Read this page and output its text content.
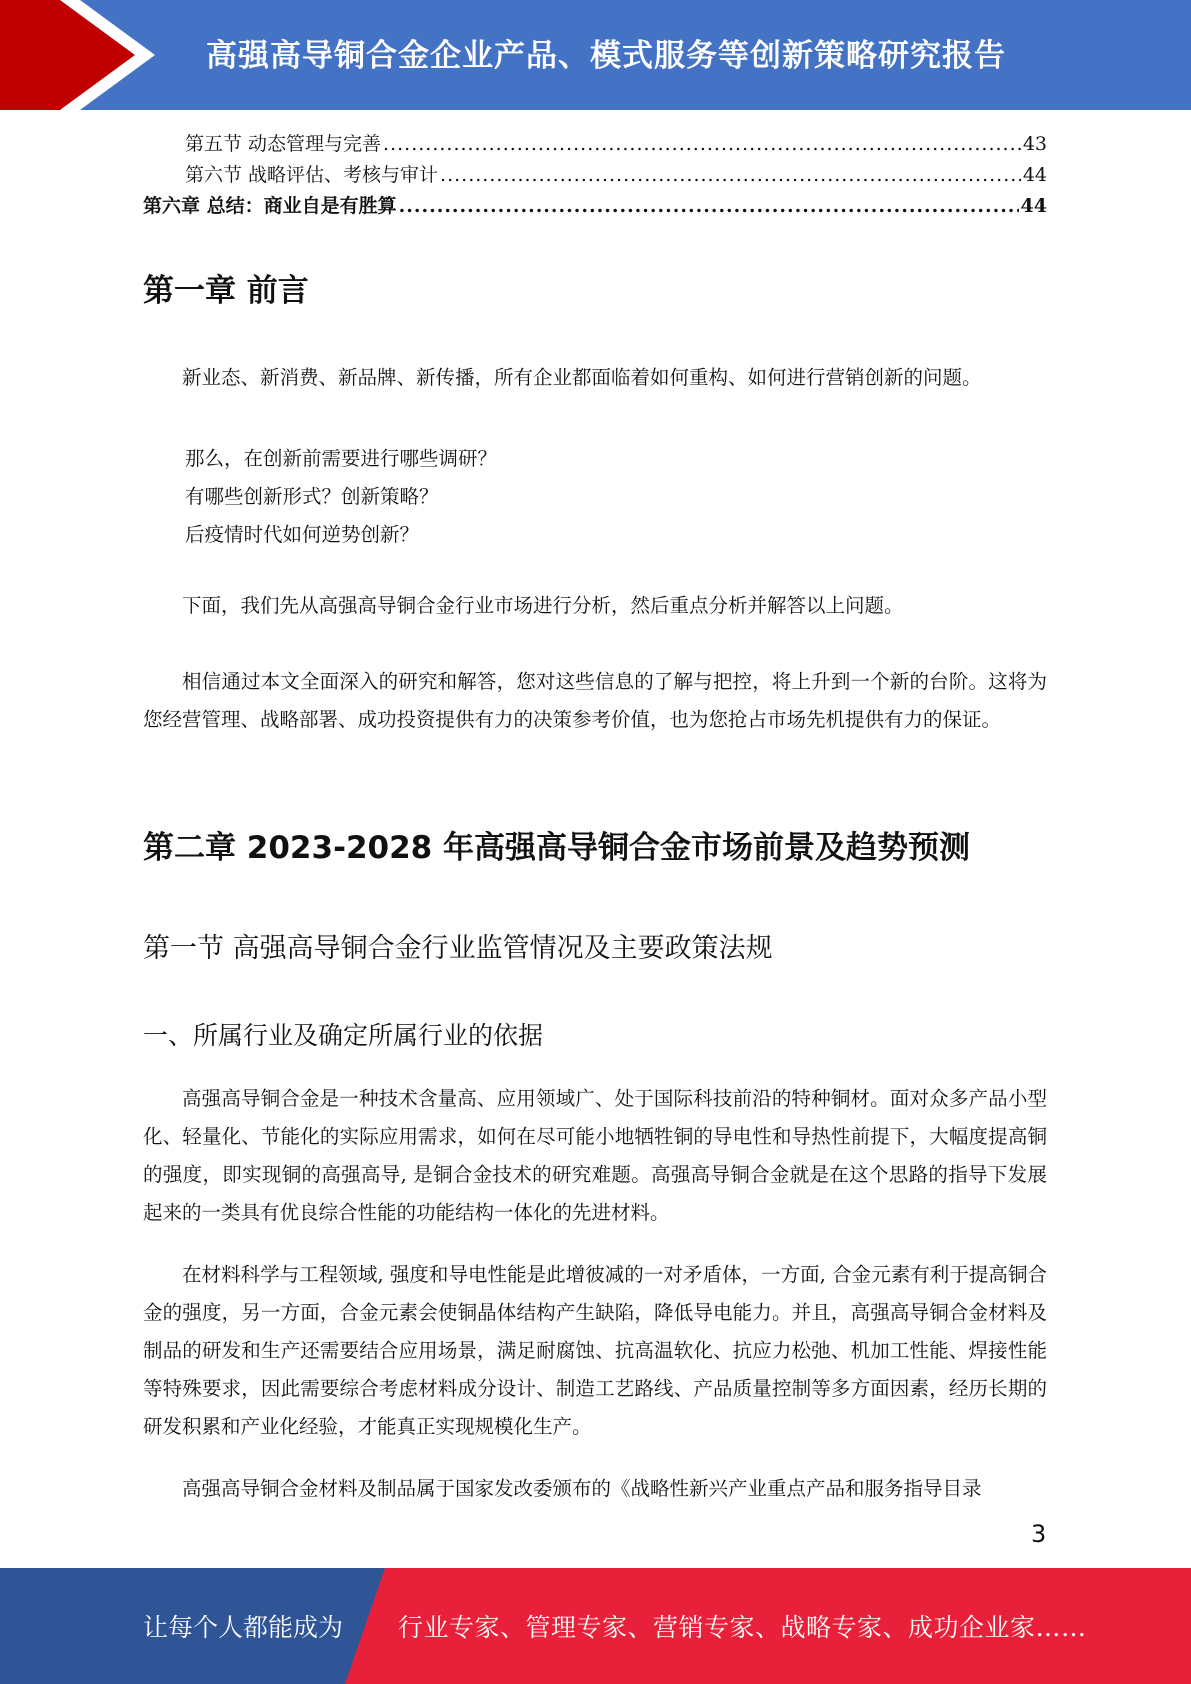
高强高导铜合金企业产品、模式服务等创新策略研究报告
第五节 动态管理与完善 .....	43
第六节 战略评估、考核与审计 .....	44
第六章 总结：商业自是有胜算 .....	44
第一章 前言

新业态、新消费、新品牌、新传播，所有企业都面临着如何重构、如何进行营销创新的问题。

那么，在创新前需要进行哪些调研？

有哪些创新形式？创新策略？

后疫情时代如何逆势创新？

下面，我们先从高强高导铜合金行业市场进行分析，然后重点分析并解答以上问题。

相信通过本文全面深入的研究和解答，您对这些信息的了解与把控，将上升到一个新的台阶。这将为您经营管理、战略部署、成功投资提供有力的决策参考价值，也为您抢占市场先机提供有力的保证。

第二章 2023-2028 年高强高导铜合金市场前景及趋势预测
第一节 高强高导铜合金行业监管情况及主要政策法规
一、所属行业及确定所属行业的依据

高强高导铜合金是一种技术含量高、应用领域广、处于国际科技前沿的特种铜材。面对众多产品小型化、轻量化、节能化的实际应用需求，如何在尽可能小地牺牲铜的导电性和导热性前提下，大幅度提高铜的强度，即实现铜的高强高导, 是铜合金技术的研究难题。高强高导铜合金就是在这个思路的指导下发展起来的一类具有优良综合性能的功能结构一体化的先进材料。

在材料科学与工程领域, 强度和导电性能是此增彼减的一对矛盾体，一方面, 合金元素有利于提高铜合金的强度，另一方面，合金元素会使铜晶体结构产生缺陷，降低导电能力。并且，高强高导铜合金材料及制品的研发和生产还需要结合应用场景，满足耐腐蚀、抗高温软化、抗应力松弛、机加工性能、焊接性能等特殊要求，因此需要综合考虑材料成分设计、制造工艺路线、产品质量控制等多方面因素，经历长期的研发积累和产业化经验，才能真正实现规模化生产。

高强高导铜合金材料及制品属于国家发改委颁布的《战略性新兴产业重点产品和服务指导目录

3
让每个人都能成为 行业专家、管理专家、营销专家、战略专家、成功企业家……
